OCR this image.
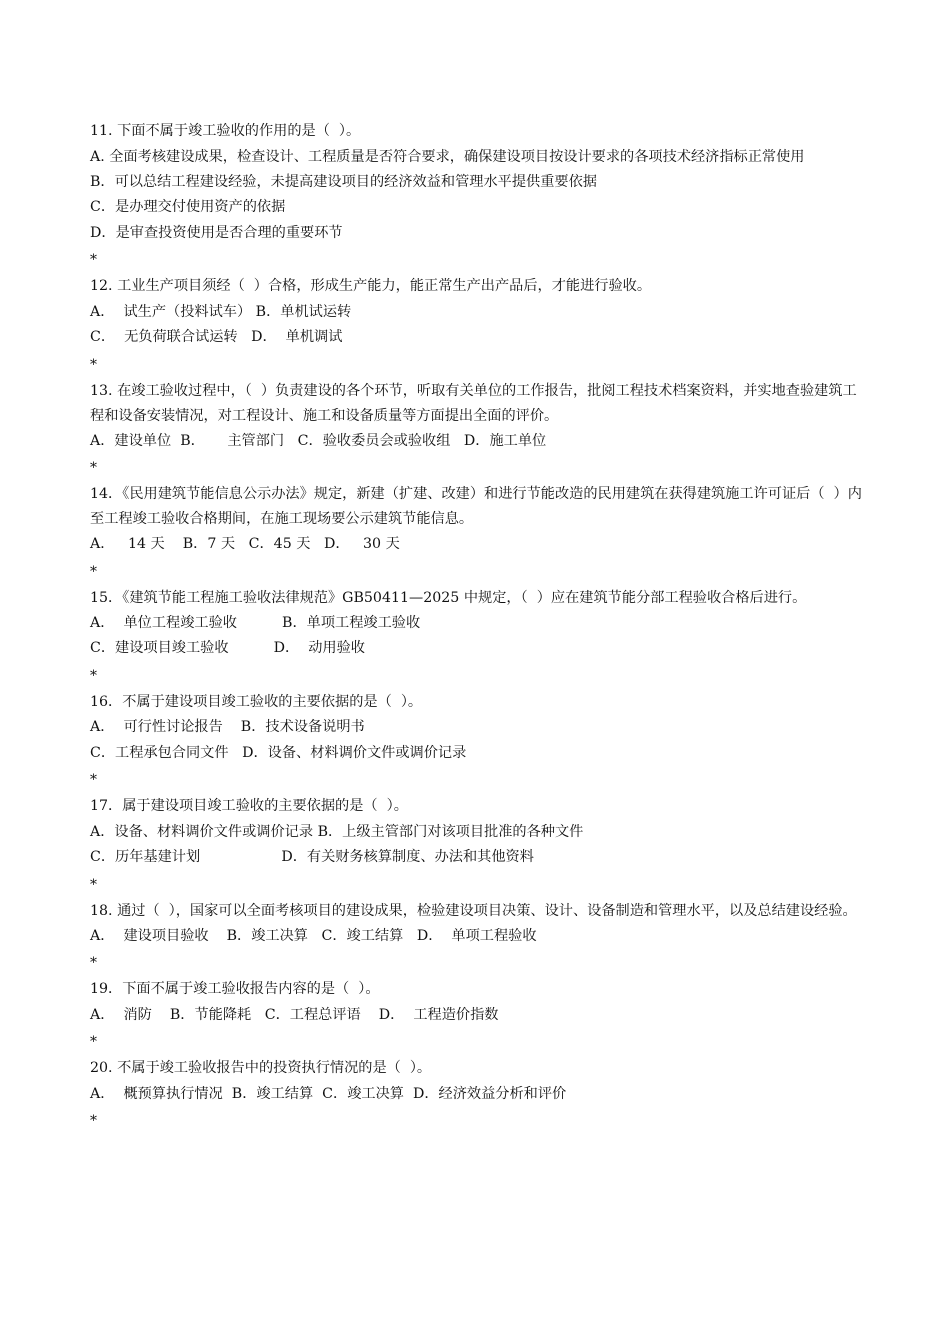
11. 下面不属于竣工验收的作用的是（  ）。

A. 全面考核建设成果，检查设计、工程质量是否符合要求，确保建设项目按设计要求的各项技术经济指标正常使用

B．可以总结工程建设经验，未提高建设项目的经济效益和管理水平提供重要依据

C．是办理交付使用资产的依据

D．是审查投资使用是否合理的重要环节

*

12. 工业生产项目须经（  ）合格，形成生产能力，能正常生产出产品后，才能进行验收。

A．  试生产（投料试车） B．单机试运转

C．  无负荷联合试运转   D．  单机调试

*

13. 在竣工验收过程中，（  ）负责建设的各个环节，听取有关单位的工作报告，批阅工程技术档案资料，并实地查验建筑工程和设备安装情况，对工程设计、施工和设备质量等方面提出全面的评价。

A．建设单位  B．     主管部门   C．验收委员会或验收组   D．施工单位

*

14．《民用建筑节能信息公示办法》规定，新建（扩建、改建）和进行节能改造的民用建筑在获得建筑施工许可证后（  ）内至工程竣工验收合格期间，在施工现场要公示建筑节能信息。

A．   14 天    B．7 天   C．45 天   D．   30 天

*

15．《建筑节能工程施工验收法律规范》GB50411—2025 中规定，（  ）应在建筑节能分部工程验收合格后进行。

A．  单位工程竣工验收          B．单项工程竣工验收

C．建设项目竣工验收          D．  动用验收

*

16．不属于建设项目竣工验收的主要依据的是（  ）。

A．  可行性讨论报告    B．技术设备说明书

C．工程承包合同文件   D．设备、材料调价文件或调价记录

*

17．属于建设项目竣工验收的主要依据的是（  ）。

A．设备、材料调价文件或调价记录 B．上级主管部门对该项目批准的各种文件

C．历年基建计划                  D．有关财务核算制度、办法和其他资料

*

18. 通过（  ），国家可以全面考核项目的建设成果，检验建设项目决策、设计、设备制造和管理水平，以及总结建设经验。

A．  建设项目验收    B．竣工决算   C．竣工结算   D．  单项工程验收

*

19．下面不属于竣工验收报告内容的是（  ）。

A．  消防    B．节能降耗   C．工程总评语    D．  工程造价指数

*

20. 不属于竣工验收报告中的投资执行情况的是（  ）。

A．  概预算执行情况  B．竣工结算  C．竣工决算  D．经济效益分析和评价

*
